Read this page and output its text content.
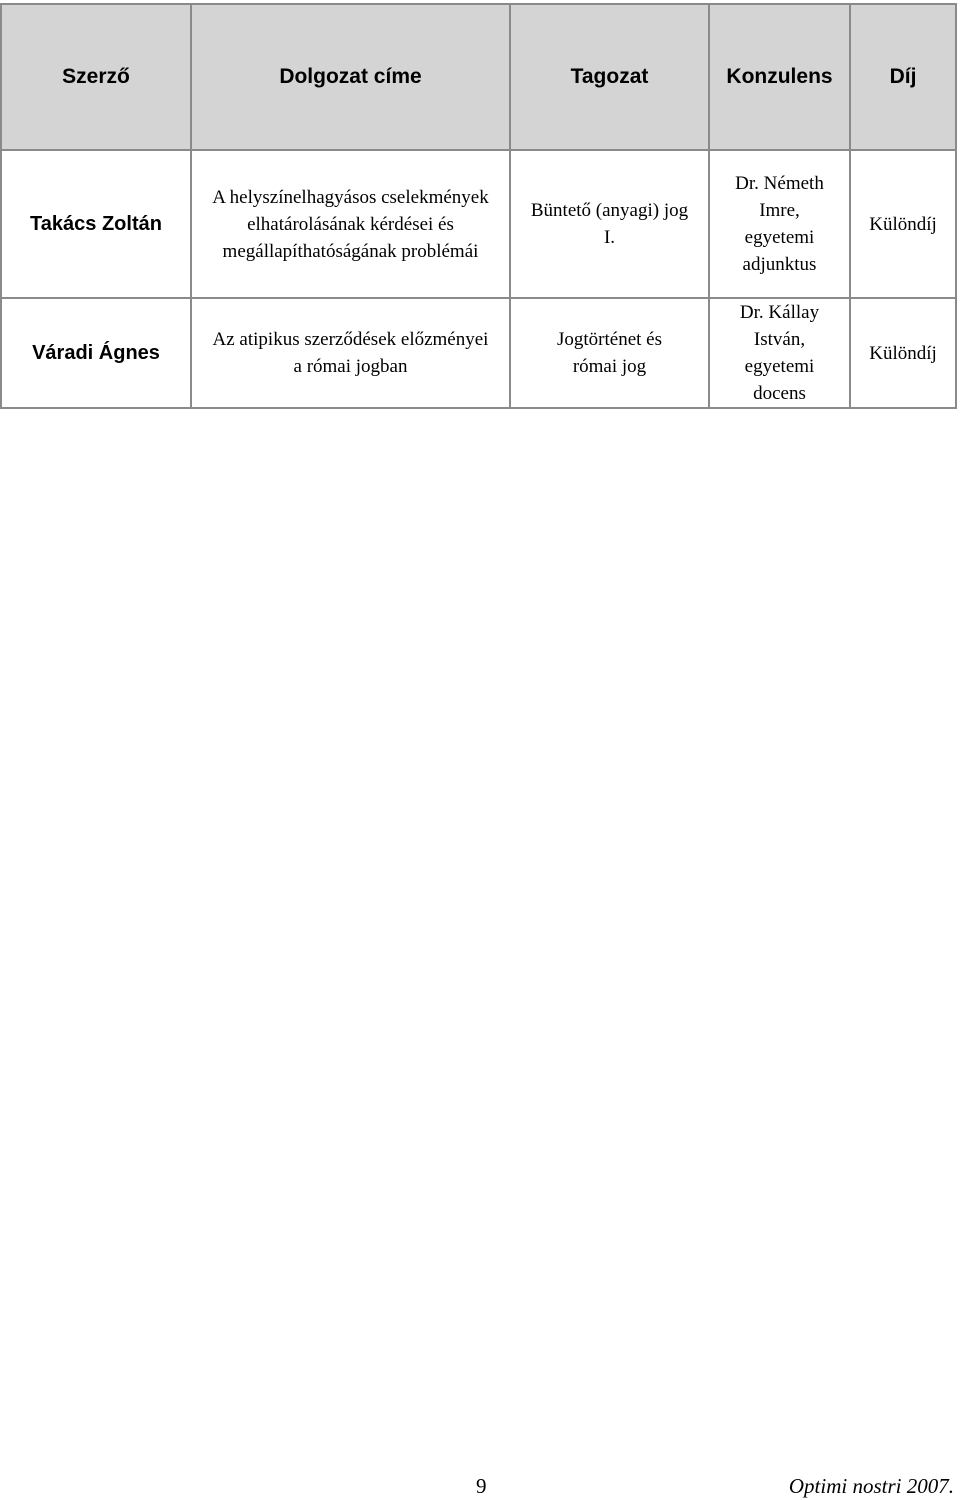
Szerző	Dolgozat címe	Tagozat	Konzulens	Díj
Takács Zoltán	A helyszínelhagyásos cselekmények elhatárolásának kérdései és megállapíthatóságának problémái	Büntető (anyagi) jog I.	Dr. Németh Imre, egyetemi adjunktus	Különdíj
Váradi Ágnes	Az atipikus szerződések előzményei a római jogban	Jogtörténet és római jog	Dr. Kállay István, egyetemi docens	Különdíj
9	Optimi nostri 2007.
